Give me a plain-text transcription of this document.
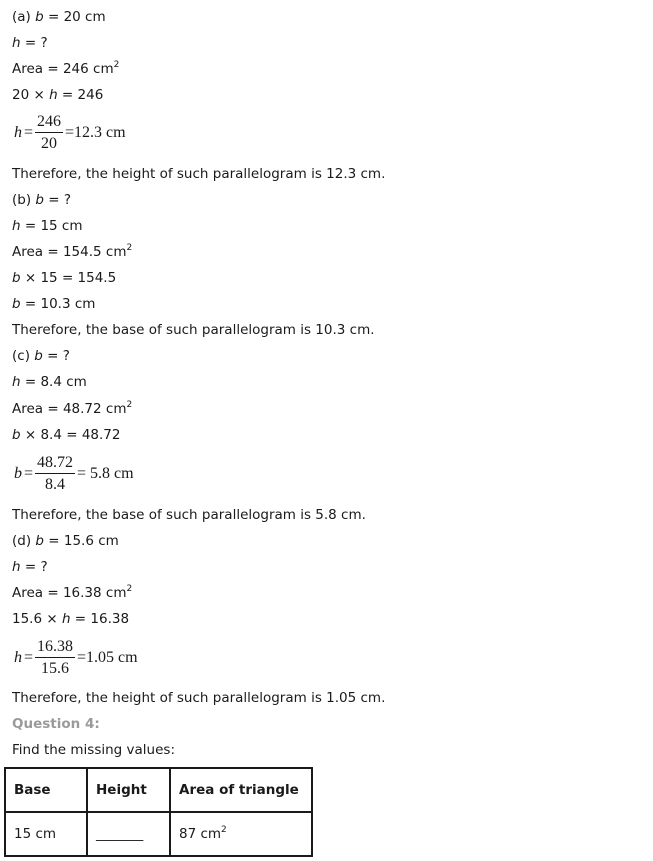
(a) b = 20 cm
h = ?
Area = 246 $cm^2$
20 × h = 246
$h = \frac{246}{20} =12.3$ cm
Therefore, the height of such parallelogram is 12.3 cm.
(b) b = ?
h = 15 cm
Area = 154.5 $cm^2$
b × 15 = 154.5
b = 10.3 cm
Therefore, the base of such parallelogram is 10.3 cm.
(c) b = ?
h = 8.4 cm
Area = 48.72 $cm^2$
b × 8.4 = 48.72
$b = \frac{48.72}{8.4} = 5.8$ cm
Therefore, the base of such parallelogram is 5.8 cm.
(d) b = 15.6 cm
h = ?
Area = 16.38 $cm^2$
15.6 × h = 16.38
$h = \frac{16.38}{15.6} =1.05$ cm
Therefore, the height of such parallelogram is 1.05 cm.
Question 4:
Find the missing values:
Base	Height	Area of triangle
15 cm	_______	87 $cm^2$
